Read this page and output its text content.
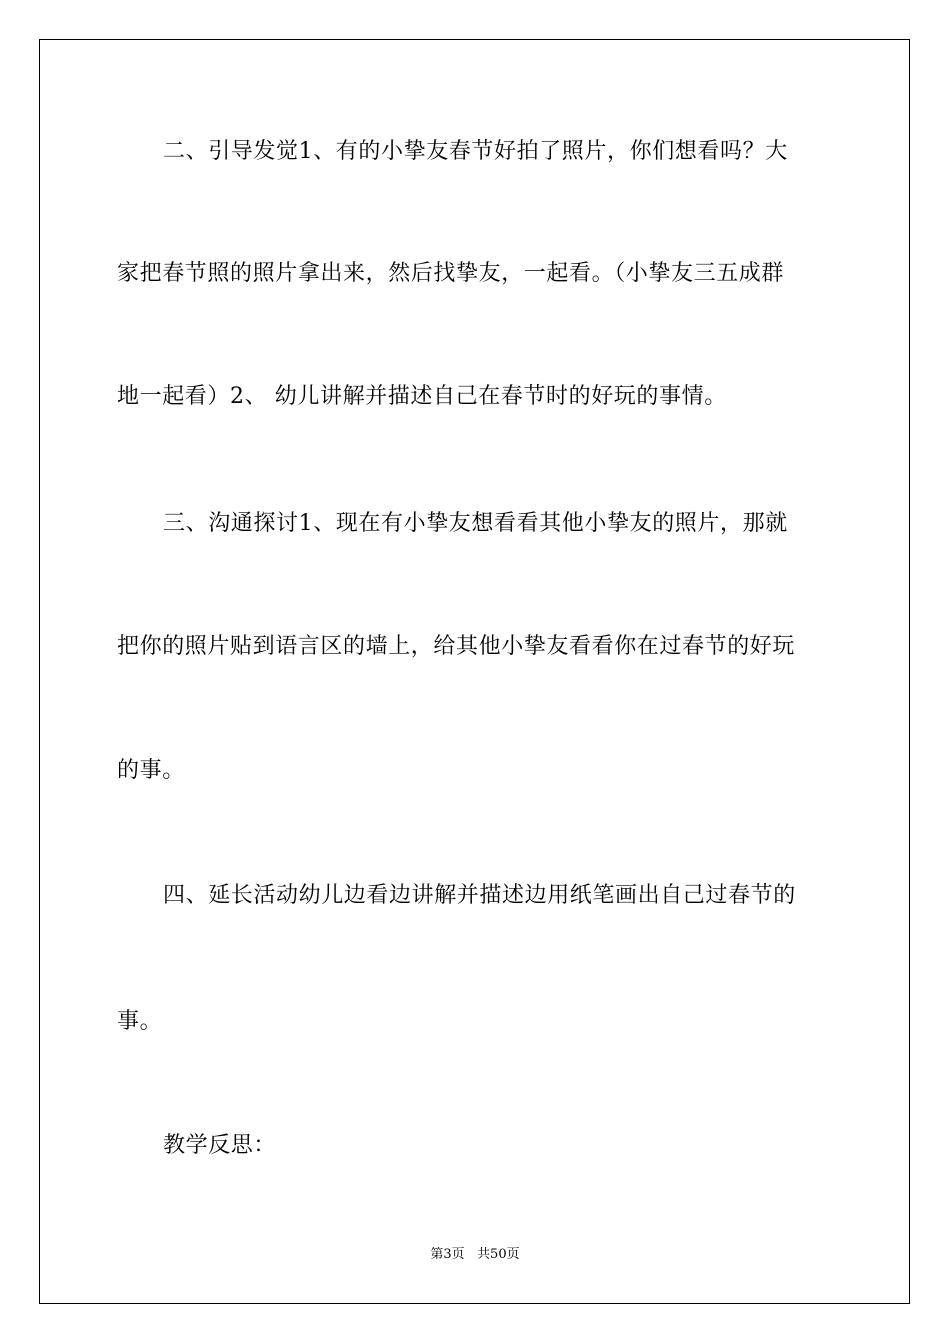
二、引导发觉1、有的小挚友春节好拍了照片，你们想看吗？大
家把春节照的照片拿出来，然后找挚友，一起看。（小挚友三五成群
地一起看）2、 幼儿讲解并描述自己在春节时的好玩的事情。
三、沟通探讨1、现在有小挚友想看看其他小挚友的照片，那就
把你的照片贴到语言区的墙上，给其他小挚友看看你在过春节的好玩
的事。
四、延长活动幼儿边看边讲解并描述边用纸笔画出自己过春节的
事。
教学反思：
第3页   共50页
